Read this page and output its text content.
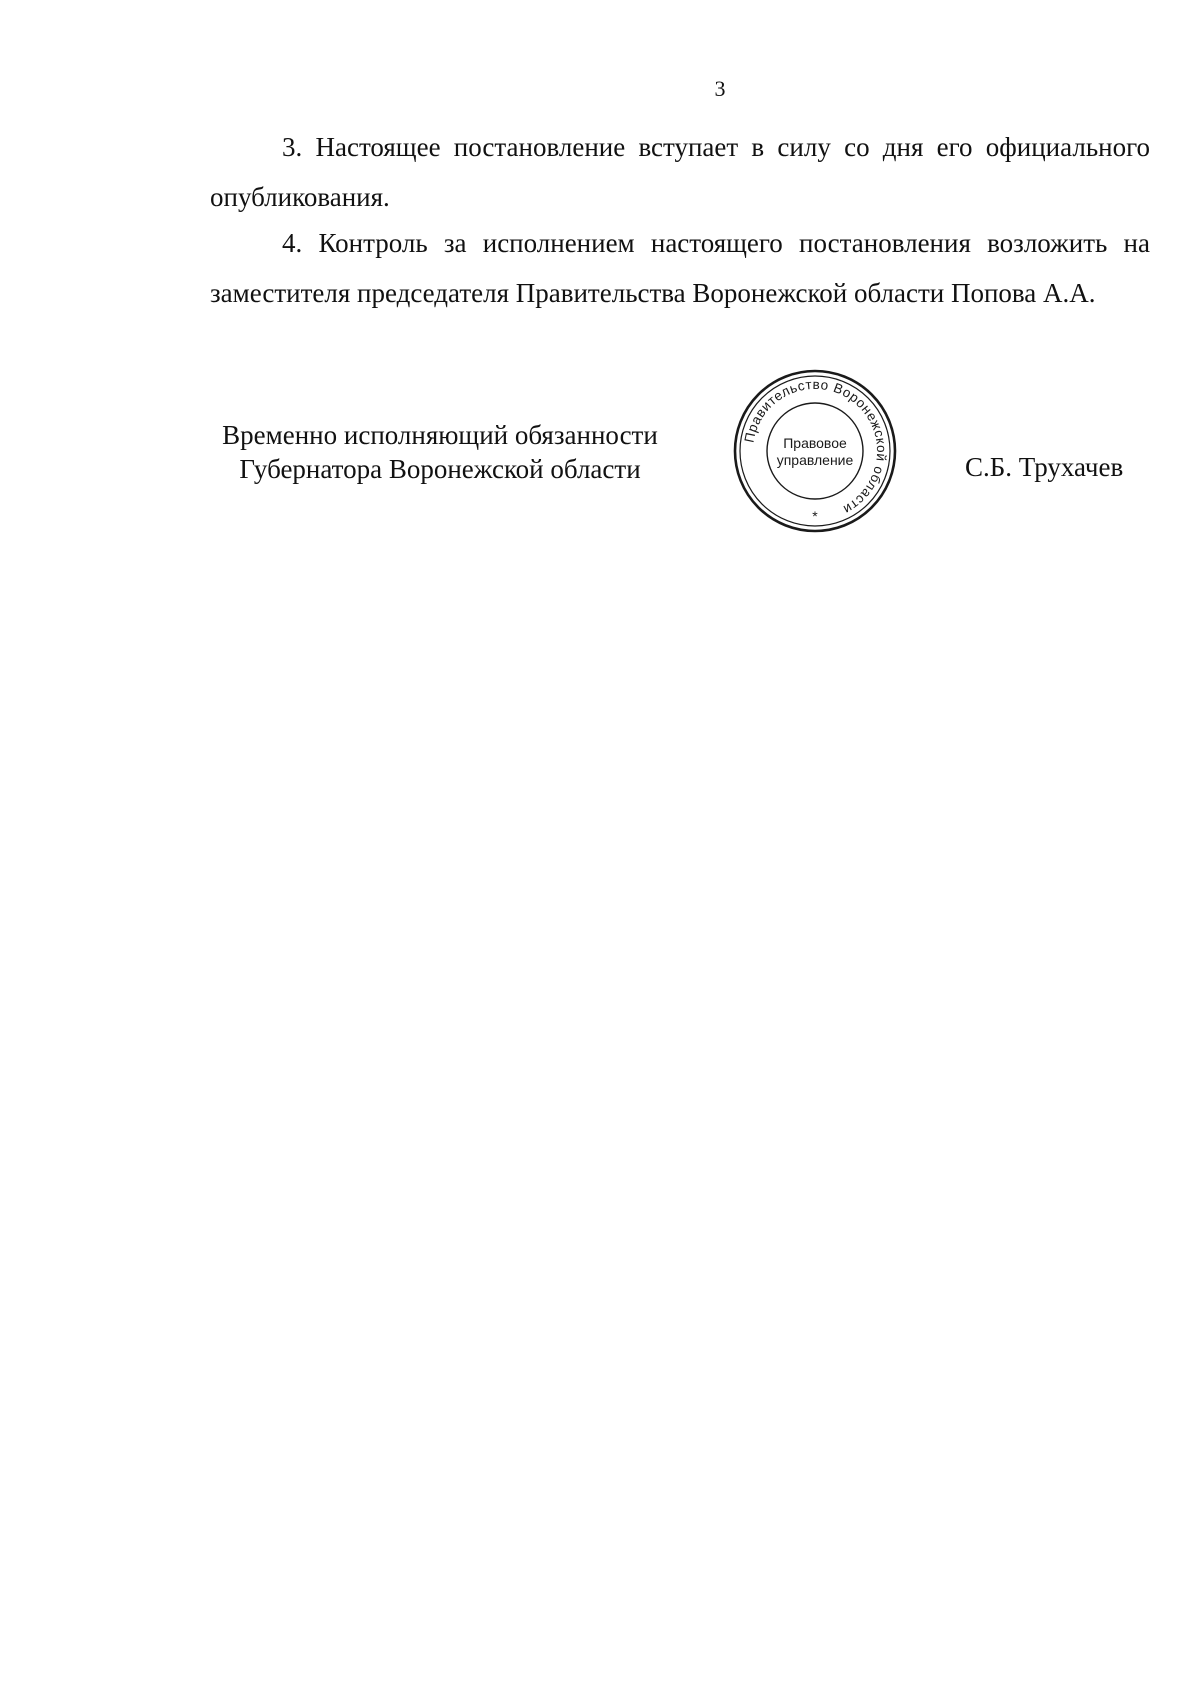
3

3. Настоящее постановление вступает в силу со дня его официального опубликования.

4. Контроль за исполнением настоящего постановления возложить на заместителя председателя Правительства Воронежской области Попова А.А.

Временно исполняющий обязанности
Губернатора Воронежской области
Правительство Воронежской области
Правовое
управление
*
С.Б. Трухачев
